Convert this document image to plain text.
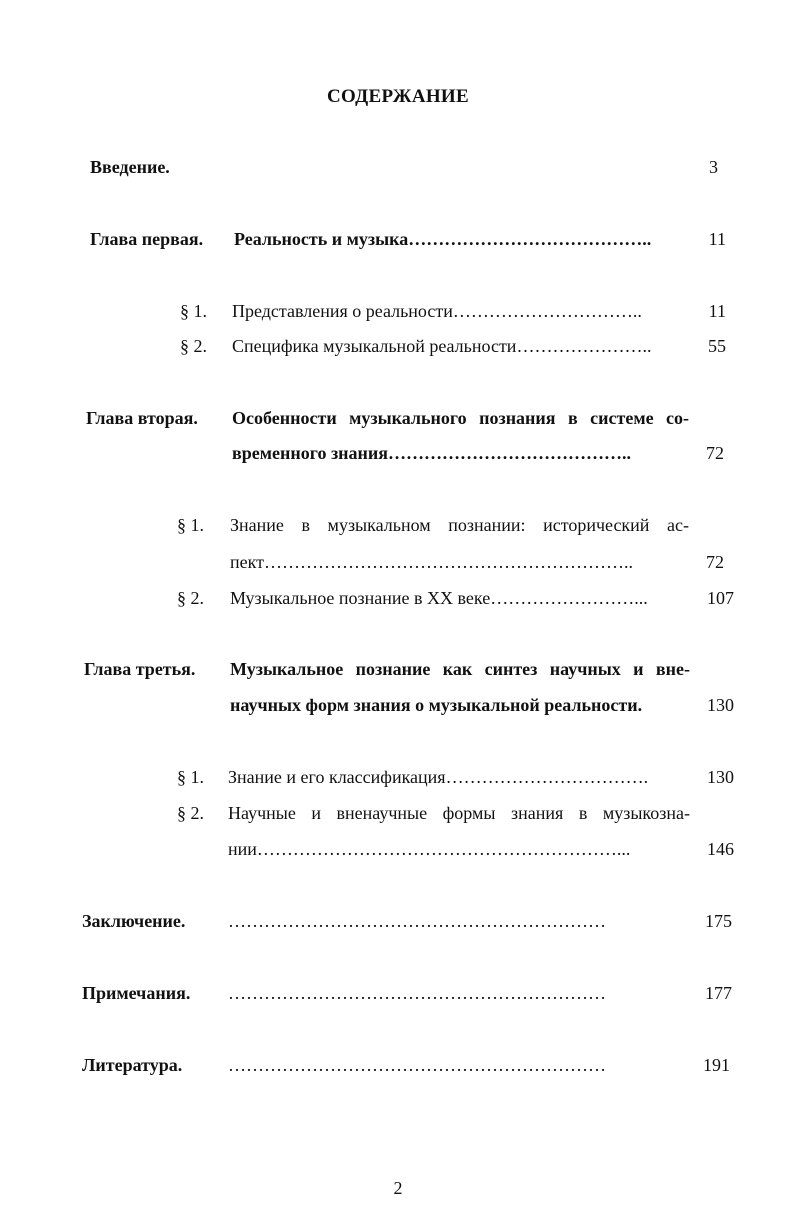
СОДЕРЖАНИЕ
Введение.	3
Глава первая. Реальность и музыка…………………………………..	11
§ 1. Представления о реальности…………………………..	11
§ 2. Специфика музыкальной реальности…………………..	55
Глава вторая. Особенности музыкального познания в системе со-
временного знания…………………………………..	72
§ 1. Знание в музыкальном познании: исторический ас-
пект……………………………………………………..	72
§ 2. Музыкальное познание в XX веке……………………...	107
Глава третья. Музыкальное познание как синтез научных и вне-
научных форм знания о музыкальной реальности.	130
§ 1. Знание и его классификация…………………………….	130
§ 2. Научные и вненаучные формы знания в музыкозна-
нии……………………………………………………...	146
Заключение. ………………………………………………………	175
Примечания. ………………………………………………………	177
Литература.	………………………………………………………	191
2
